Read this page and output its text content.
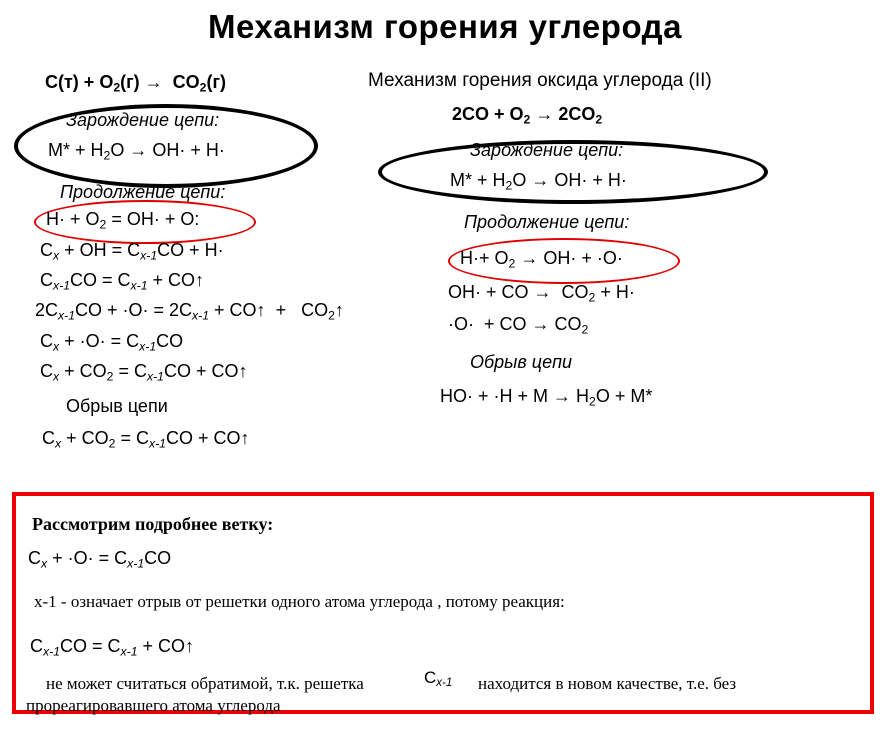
Механизм горения углерода
$С(т) + O_2(г) \to CO_2(г)$
Зарождение цепи:
$М* + H_2O \to OH\cdot + H\cdot$
Продолжение цепи:
$H\cdot + O_2 = OH\cdot + O$:
$C_x$ + OH = $C_{x-1}CO + H\cdot$
$C_{x-1}CO = C_{x-1}$ + CO↑
$2C_{x-1}CO + \cdot O\cdot = 2C_{x-1}$ + CO↑  +   $CO_2↑$
$C_x + \cdot O\cdot = C_{x-1}CO$
$C_x + CO_2 = C_{x-1}CO$ + CO↑
Обрыв цепи
$C_x + CO_2 = C_{x-1}CO$ + CO↑
Механизм горения оксида углерода (II)
$2CO + O_2 \to 2CO_2$
Зарождение цепи:
$М* + H_2O \to OH\cdot + H\cdot$
Продолжение цепи:
$H\cdot+ O_2 \to OH\cdot + \cdot O\cdot$
OH· + CO →  $CO_2 + H\cdot$
·O·  + CO → $CO_2$
Обрыв цепи
$HO\cdot + \cdot H + M \to H_2O + M*$
Рассмотрим подробнее ветку:
$C_x + \cdot O\cdot = C_{x-1}CO$
x-1 - означает отрыв от решетки одного атома углерода , потому реакция:
$C_{x-1}CO = C_{x-1}$ + CO↑
не может считаться обратимой, т.к. решетка	$C_{x-1}$ находится в новом качестве, т.е. без
прореагировавшего атома углерода
